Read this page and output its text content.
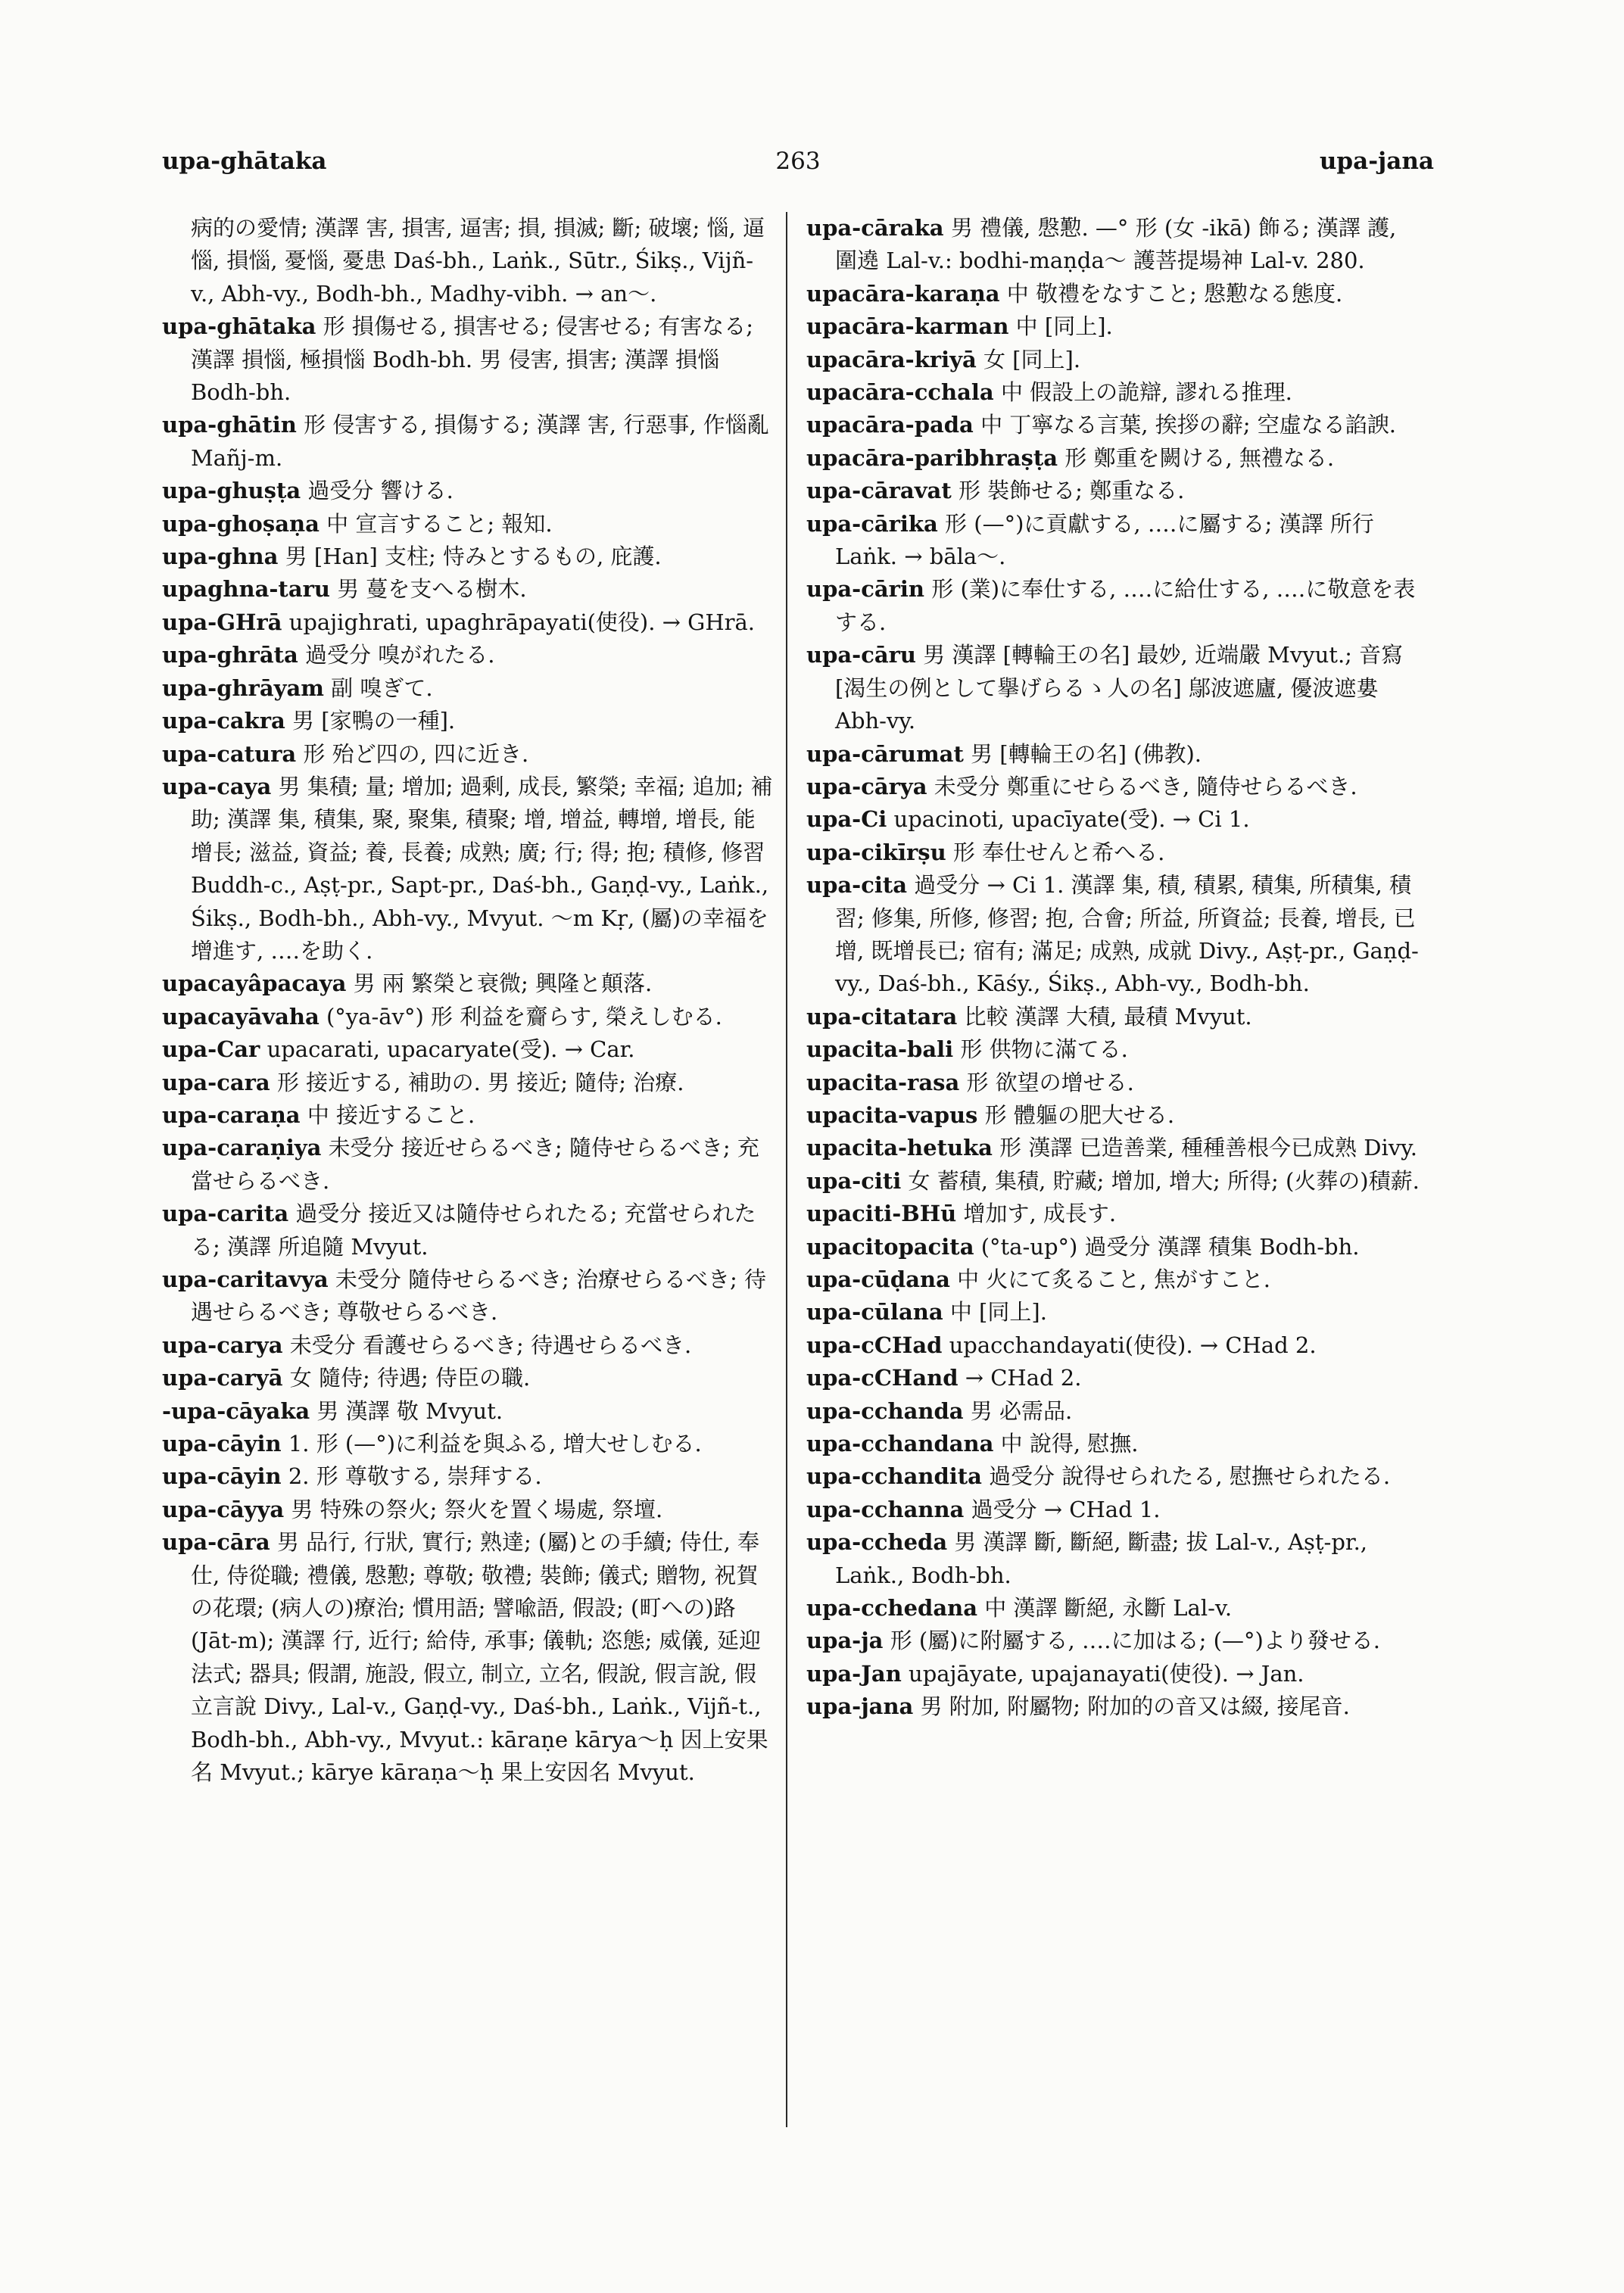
upa-ghātaka	263	upa-jana

病的の愛情; 漢譯 害, 損害, 逼害; 損, 損滅; 斷; 破壞; 惱, 逼惱, 損惱, 憂惱, 憂患 Daś-bh., Laṅk., Sūtr., Śikṣ., Vijñ-v., Abh-vy., Bodh-bh., Madhy-vibh. → an〜.

upa-ghātaka 形 損傷せる, 損害せる; 侵害せる; 有害なる; 漢譯 損惱, 極損惱 Bodh-bh. 男 侵害, 損害; 漢譯 損惱 Bodh-bh.

upa-ghātin 形 侵害する, 損傷する; 漢譯 害, 行惡事, 作惱亂 Mañj-m.

upa-ghuṣṭa 過受分 響ける.

upa-ghoṣaṇa 中 宣言すること; 報知.

upa-ghna 男 [Han] 支柱; 恃みとするもの, 庇護.

upaghna-taru 男 蔓を支へる樹木.

upa-GHrā upajighrati, upaghrāpayati(使役). → GHrā.

upa-ghrāta 過受分 嗅がれたる.

upa-ghrāyam 副 嗅ぎて.

upa-cakra 男 [家鴨の一種].

upa-catura 形 殆ど四の, 四に近き.

upa-caya 男 集積; 量; 增加; 過剩, 成長, 繁榮; 幸福; 追加; 補助; 漢譯 集, 積集, 聚, 聚集, 積聚; 增, 增益, 轉增, 增長, 能增長; 滋益, 資益; 養, 長養; 成熟; 廣; 行; 得; 抱; 積修, 修習 Buddh-c., Aṣṭ-pr., Sapt-pr., Daś-bh., Gaṇḍ-vy., Laṅk., Śikṣ., Bodh-bh., Abh-vy., Mvyut. 〜m Kṛ, (屬)の幸福を增進す, ‥‥を助く.

upacayâpacaya 男 兩 繁榮と衰微; 興隆と顛落.

upacayāvaha (°ya-āv°) 形 利益を齎らす, 榮えしむる.

upa-Car upacarati, upacaryate(受). → Car.

upa-cara 形 接近する, 補助の. 男 接近; 隨侍; 治療.

upa-caraṇa 中 接近すること.

upa-caraṇiya 未受分 接近せらるべき; 隨侍せらるべき; 充當せらるべき.

upa-carita 過受分 接近又は隨侍せられたる; 充當せられたる; 漢譯 所追隨 Mvyut.

upa-caritavya 未受分 隨侍せらるべき; 治療せらるべき; 待遇せらるべき; 尊敬せらるべき.

upa-carya 未受分 看護せらるべき; 待遇せらるべき.

upa-caryā 女 隨侍; 待遇; 侍臣の職.

-upa-cāyaka 男 漢譯 敬 Mvyut.

upa-cāyin 1. 形 (—°)に利益を與ふる, 增大せしむる.

upa-cāyin 2. 形 尊敬する, 崇拜する.

upa-cāyya 男 特殊の祭火; 祭火を置く場處, 祭壇.

upa-cāra 男 品行, 行狀, 實行; 熟達; (屬)との手續; 侍仕, 奉仕, 侍從職; 禮儀, 慇懃; 尊敬; 敬禮; 裝飾; 儀式; 贈物, 祝賀の花環; (病人の)療治; 慣用語; 譬喩語, 假設; (町への)路 (Jāt-m); 漢譯 行, 近行; 給侍, 承事; 儀軌; 恣態; 威儀, 延迎法式; 器具; 假謂, 施設, 假立, 制立, 立名, 假說, 假言說, 假立言說 Divy., Lal-v., Gaṇḍ-vy., Daś-bh., Laṅk., Vijñ-t., Bodh-bh., Abh-vy., Mvyut.: kāraṇe kārya〜ḥ 因上安果名 Mvyut.; kārye kāraṇa〜ḥ 果上安因名 Mvyut.

upa-cāraka 男 禮儀, 慇懃. —° 形 (女 -ikā) 飾る; 漢譯 護, 圍遶 Lal-v.: bodhi-maṇḍa〜 護菩提場神 Lal-v. 280.

upacāra-karaṇa 中 敬禮をなすこと; 慇懃なる態度.

upacāra-karman 中 [同上].

upacāra-kriyā 女 [同上].

upacāra-cchala 中 假設上の詭辯, 謬れる推理.

upacāra-pada 中 丁寧なる言葉, 挨拶の辭; 空虛なる諂諛.

upacāra-paribhraṣṭa 形 鄭重を闕ける, 無禮なる.

upa-cāravat 形 裝飾せる; 鄭重なる.

upa-cārika 形 (—°)に貢獻する, ‥‥に屬する; 漢譯 所行 Laṅk. → bāla〜.

upa-cārin 形 (業)に奉仕する, ‥‥に給仕する, ‥‥に敬意を表する.

upa-cāru 男 漢譯 [轉輪王の名] 最妙, 近端嚴 Mvyut.; 音寫 [渴生の例として擧げらるゝ人の名] 鄔波遮廬, 優波遮婁 Abh-vy.

upa-cārumat 男 [轉輪王の名] (佛教).

upa-cārya 未受分 鄭重にせらるべき, 隨侍せらるべき.

upa-Ci upacinoti, upacīyate(受). → Ci 1.

upa-cikīrṣu 形 奉仕せんと希へる.

upa-cita 過受分 → Ci 1. 漢譯 集, 積, 積累, 積集, 所積集, 積習; 修集, 所修, 修習; 抱, 合會; 所益, 所資益; 長養, 增長, 已增, 既增長已; 宿有; 滿足; 成熟, 成就 Divy., Aṣṭ-pr., Gaṇḍ-vy., Daś-bh., Kāśy., Śikṣ., Abh-vy., Bodh-bh.

upa-citatara 比較 漢譯 大積, 最積 Mvyut.

upacita-bali 形 供物に滿てる.

upacita-rasa 形 欲望の增せる.

upacita-vapus 形 體軀の肥大せる.

upacita-hetuka 形 漢譯 已造善業, 種種善根今已成熟 Divy.

upa-citi 女 蓄積, 集積, 貯藏; 增加, 增大; 所得; (火葬の)積薪.

upaciti-BHū 增加す, 成長す.

upacitopacita (°ta-up°) 過受分 漢譯 積集 Bodh-bh.

upa-cūḍana 中 火にて炙ること, 焦がすこと.

upa-cūlana 中 [同上].

upa-cCHad upacchandayati(使役). → CHad 2.

upa-cCHand → CHad 2.

upa-cchanda 男 必需品.

upa-cchandana 中 說得, 慰撫.

upa-cchandita 過受分 說得せられたる, 慰撫せられたる.

upa-cchanna 過受分 → CHad 1.

upa-ccheda 男 漢譯 斷, 斷絕, 斷盡; 拔 Lal-v., Aṣṭ-pr., Laṅk., Bodh-bh.

upa-cchedana 中 漢譯 斷絕, 永斷 Lal-v.

upa-ja 形 (屬)に附屬する, ‥‥に加はる; (—°)より發せる.

upa-Jan upajāyate, upajanayati(使役). → Jan.

upa-jana 男 附加, 附屬物; 附加的の音又は綴, 接尾音.
